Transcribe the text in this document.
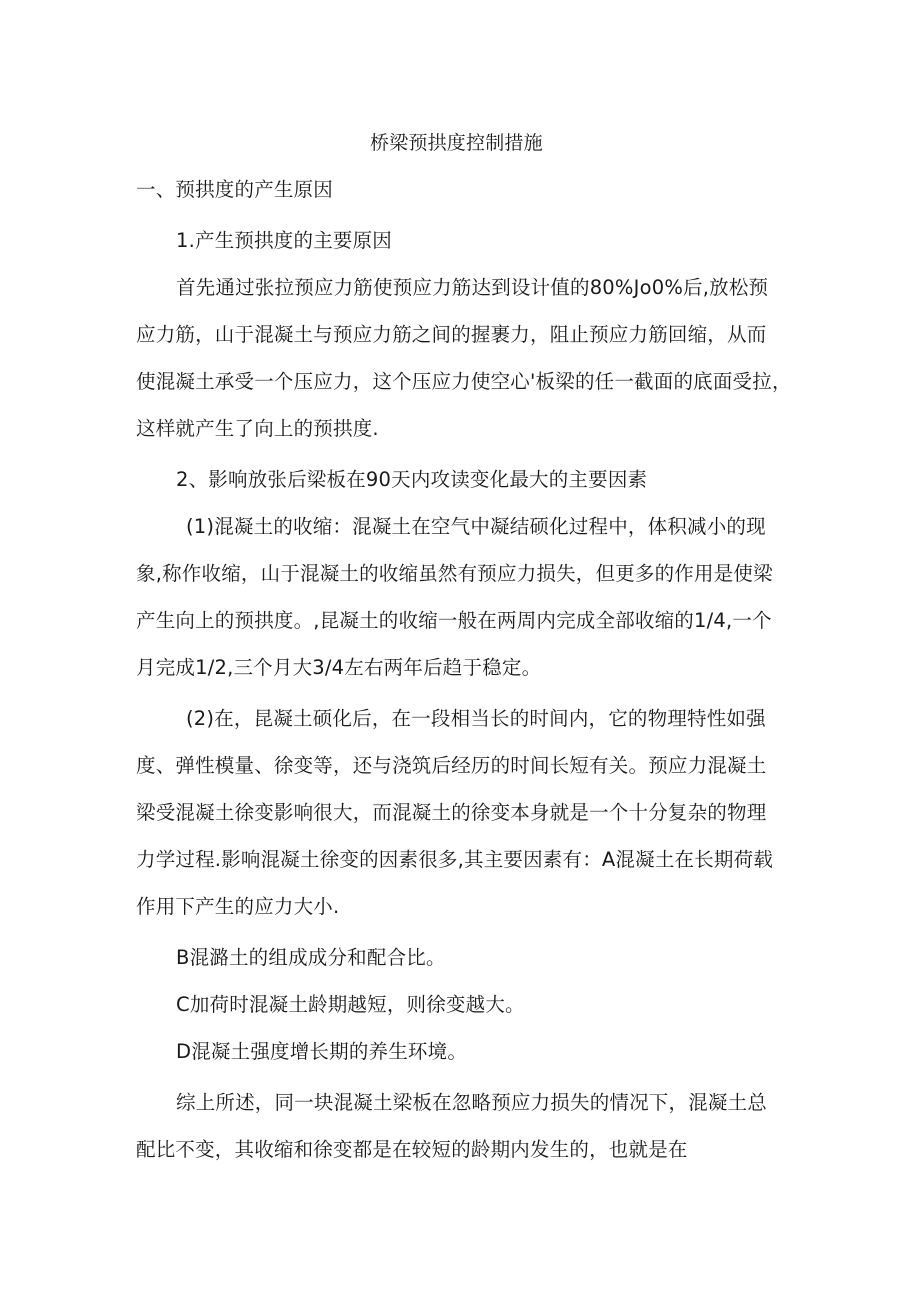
桥梁预拱度控制措施
一、预拱度的产生原因
1.产生预拱度的主要原因
首先通过张拉预应力筋使预应力筋达到设计值的80%Jo0%后,放松预
应力筋，山于混凝土与预应力筋之间的握裹力，阻止预应力筋回缩，从而
使混凝土承受一个压应力，这个压应力使空心'板梁的任一截面的底面受拉，
这样就产生了向上的预拱度.
2、影响放张后梁板在90天内攻读变化最大的主要因素
(1)混凝土的收缩：混凝土在空气中凝结硕化过程中，体积减小的现
象,称作收缩，山于混凝土的收缩虽然有预应力损失，但更多的作用是使梁
产生向上的预拱度。,昆凝土的收缩一般在两周内完成全部收缩的1/4,一个
月完成1/2,三个月大3/4左右两年后趋于稳定。
(2)在，昆凝土硕化后，在一段相当长的时间内，它的物理特性如强
度、弹性模量、徐变等，还与浇筑后经历的时间长短有关。预应力混凝土
梁受混凝土徐变影响很大，而混凝土的徐变本身就是一个十分复杂的物理
力学过程.影响混凝土徐变的因素很多,其主要因素有：A混凝土在长期荷载
作用下产生的应力大小.
B混潞土的组成成分和配合比。
C加荷时混凝土龄期越短，则徐变越大。
D混凝土强度增长期的养生环境。
综上所述，同一块混凝土梁板在忽略预应力损失的情况下，混凝土总
配比不变，其收缩和徐变都是在较短的龄期内发生的，也就是在
